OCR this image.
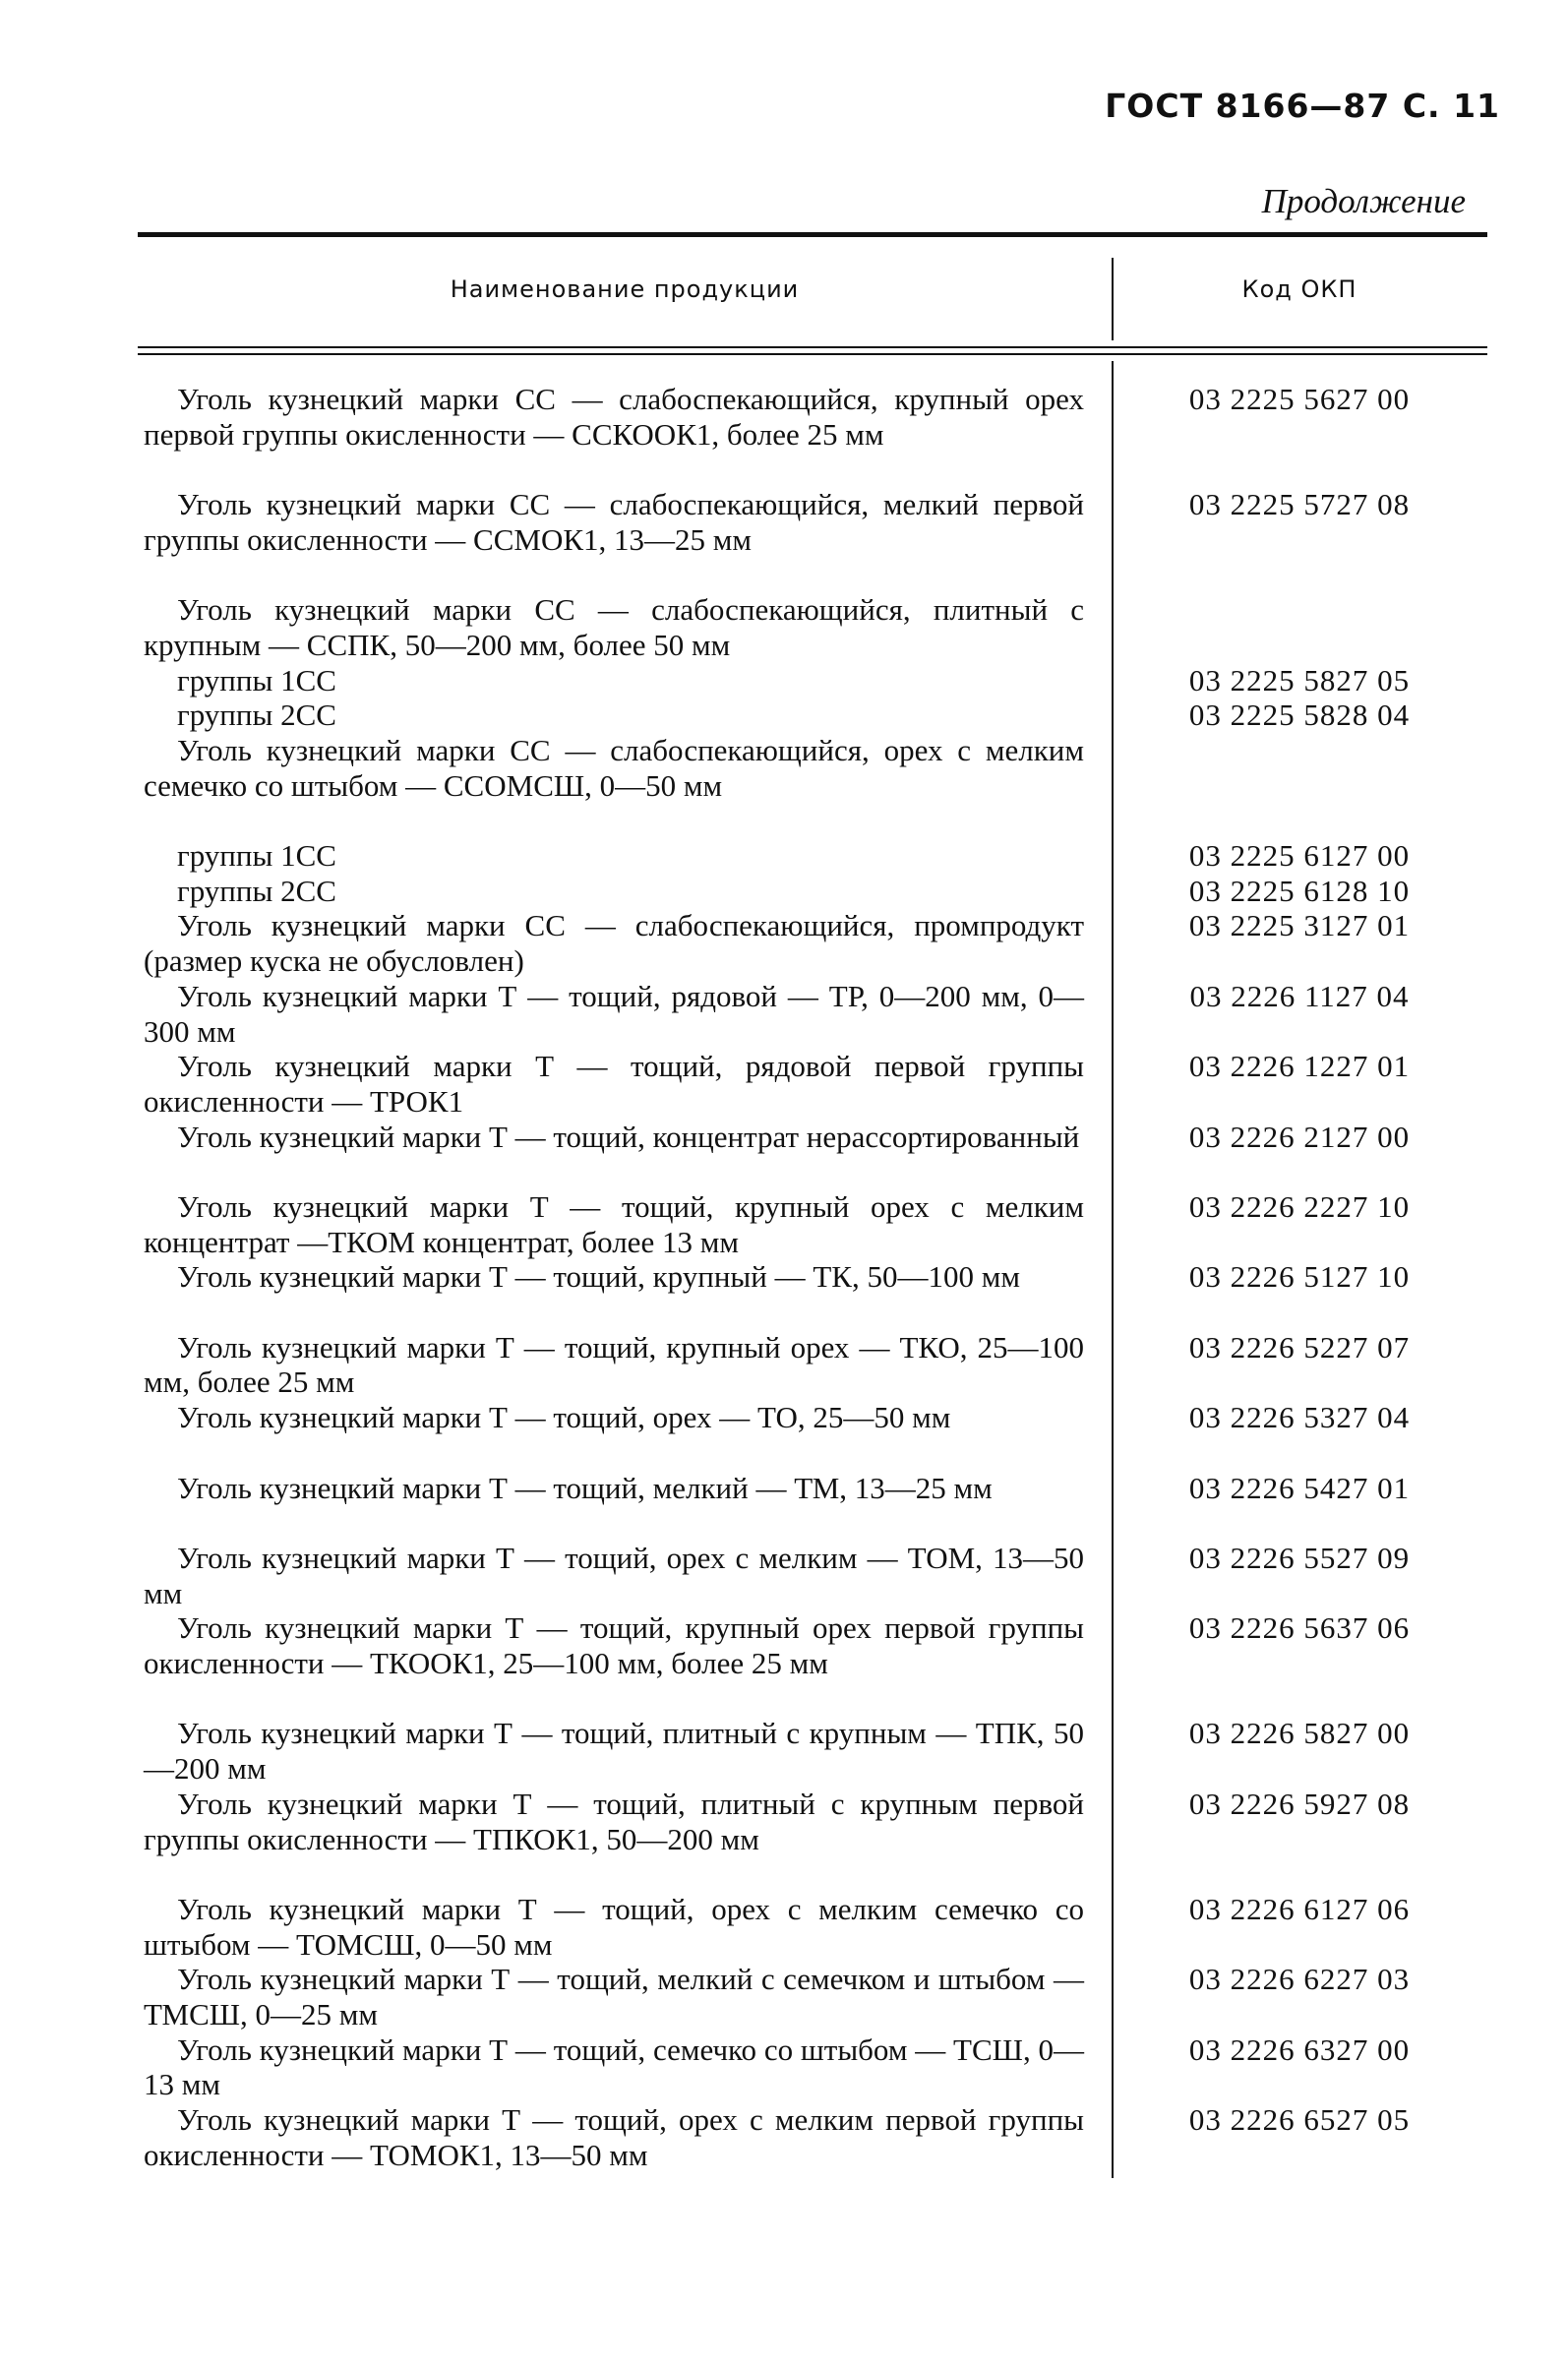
ГОСТ 8166—87 С. 11
Продолжение
Наименование продукции	Код ОКП
Уголь кузнецкий марки СС — слабоспекающийся, крупный орех первой группы окисленности — ССКООК1, более 25 мм
03 2225 5627 00
Уголь кузнецкий марки СС — слабоспекающийся, мелкий первой группы окисленности — ССМОК1, 13—25 мм
03 2225 5727 08
Уголь кузнецкий марки СС — слабоспекающийся, плитный с крупным — ССПК, 50—200 мм, более 50 мм
группы 1СС	03 2225 5827 05
группы 2СС	03 2225 5828 04
Уголь кузнецкий марки СС — слабоспекающийся, орех с мелким семечко со штыбом — ССОМСШ, 0—50 мм
группы 1СС	03 2225 6127 00
группы 2СС	03 2225 6128 10
Уголь кузнецкий марки СС — слабоспекающийся, промпродукт (размер куска не обусловлен)
03 2225 3127 01
Уголь кузнецкий марки Т — тощий, рядовой — ТР, 0—200 мм, 0—300 мм
03 2226 1127 04
Уголь кузнецкий марки Т — тощий, рядовой первой группы окисленности — ТРОК1
03 2226 1227 01
Уголь кузнецкий марки Т — тощий, концентрат нерассортированный	03 2226 2127 00
Уголь кузнецкий марки Т — тощий, крупный орех с мелким концентрат —ТКОМ концентрат, более 13 мм
03 2226 2227 10
Уголь кузнецкий марки Т — тощий, крупный — ТК, 50—100 мм	03 2226 5127 10
Уголь кузнецкий марки Т — тощий, крупный орех — ТКО, 25—100 мм, более 25 мм
03 2226 5227 07
Уголь кузнецкий марки Т — тощий, орех — ТО, 25—50 мм	03 2226 5327 04
Уголь кузнецкий марки Т — тощий, мелкий — ТМ, 13—25 мм	03 2226 5427 01
Уголь кузнецкий марки Т — тощий, орех с мелким — ТОМ, 13—50 мм
03 2226 5527 09
Уголь кузнецкий марки Т — тощий, крупный орех первой группы окисленности — ТКООК1, 25—100 мм, более 25 мм
03 2226 5637 06
Уголь кузнецкий марки Т — тощий, плитный с крупным — ТПК, 50—200 мм
03 2226 5827 00
Уголь кузнецкий марки Т — тощий, плитный с крупным первой группы окисленности — ТПКОК1, 50—200 мм
03 2226 5927 08
Уголь кузнецкий марки Т — тощий, орех с мелким семечко со штыбом — ТОМСШ, 0—50 мм
03 2226 6127 06
Уголь кузнецкий марки Т — тощий, мелкий с семечком и штыбом — ТМСШ, 0—25 мм
03 2226 6227 03
Уголь кузнецкий марки Т — тощий, семечко со штыбом — ТСШ, 0—13 мм
03 2226 6327 00
Уголь кузнецкий марки Т — тощий, орех с мелким первой группы окисленности — ТОМОК1, 13—50 мм
03 2226 6527 05
